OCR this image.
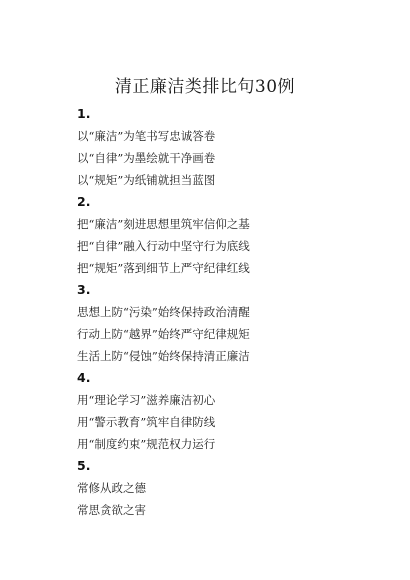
清正廉洁类排比句30例
1.
以“廉洁”为笔书写忠诚答卷
以“自律”为墨绘就干净画卷
以“规矩”为纸铺就担当蓝图
2.
把“廉洁”刻进思想里筑牢信仰之基
把“自律”融入行动中坚守行为底线
把“规矩”落到细节上严守纪律红线
3.
思想上防“污染”始终保持政治清醒
行动上防“越界”始终严守纪律规矩
生活上防“侵蚀”始终保持清正廉洁
4.
用“理论学习”滋养廉洁初心
用“警示教育”筑牢自律防线
用“制度约束”规范权力运行
5.
常修从政之德
常思贪欲之害
